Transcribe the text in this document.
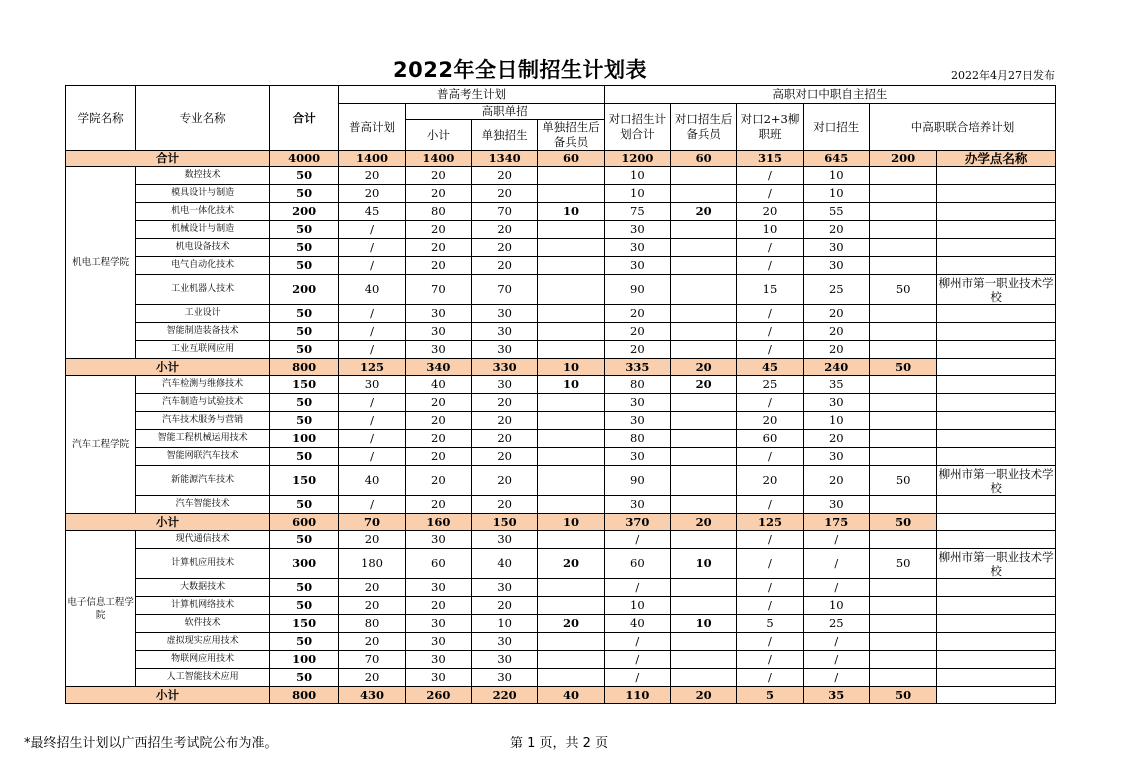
2022年全日制招生计划表	2022年4月27日发布
学院名称	专业名称	合计	普高考生计划				高职对口中职自主招生					
			普高计划	高职单招			对口招生计划合计	对口招生后备兵员	对口2+3柳职班	对口招生	中高职联合培养计划	
				小计	单独招生	单独招生后备兵员						
合计		4000	1400	1400	1340	60	1200	60	315	645	200	办学点名称
机电工程学院	数控技术	50	20	20	20		10		/	10		
	模具设计与制造	50	20	20	20		10		/	10		
	机电一体化技术	200	45	80	70	10	75	20	20	55		
	机械设计与制造	50	/	20	20		30		10	20		
	机电设备技术	50	/	20	20		30		/	30		
	电气自动化技术	50	/	20	20		30		/	30		
	工业机器人技术	200	40	70	70		90		15	25	50	柳州市第一职业技术学校
	工业设计	50	/	30	30		20		/	20		
	智能制造装备技术	50	/	30	30		20		/	20		
	工业互联网应用	50	/	30	30		20		/	20		
小计		800	125	340	330	10	335	20	45	240	50	
汽车工程学院	汽车检测与维修技术	150	30	40	30	10	80	20	25	35		
	汽车制造与试验技术	50	/	20	20		30		/	30		
	汽车技术服务与营销	50	/	20	20		30		20	10		
	智能工程机械运用技术	100	/	20	20		80		60	20		
	智能网联汽车技术	50	/	20	20		30		/	30		
	新能源汽车技术	150	40	20	20		90		20	20	50	柳州市第一职业技术学校
	汽车智能技术	50	/	20	20		30		/	30		
小计		600	70	160	150	10	370	20	125	175	50	
电子信息工程学院	现代通信技术	50	20	30	30		/		/	/		
	计算机应用技术	300	180	60	40	20	60	10	/	/	50	柳州市第一职业技术学校
	大数据技术	50	20	30	30		/		/	/		
	计算机网络技术	50	20	20	20		10		/	10		
	软件技术	150	80	30	10	20	40	10	5	25		
	虚拟现实应用技术	50	20	30	30		/		/	/		
	物联网应用技术	100	70	30	30		/		/	/		
	人工智能技术应用	50	20	30	30		/		/	/		
小计		800	430	260	220	40	110	20	5	35	50	
*最终招生计划以广西招生考试院公布为准。	第 1 页，共 2 页
